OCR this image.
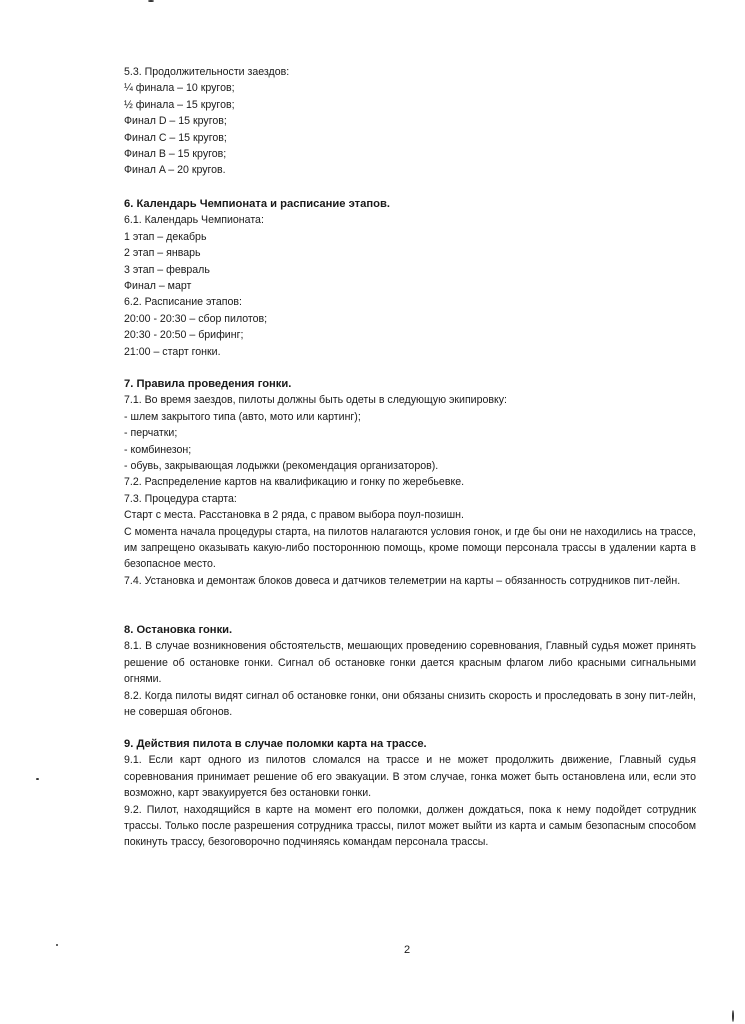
5.3. Продолжительности заездов:
¼ финала – 10 кругов;
½ финала – 15 кругов;
Финал D – 15 кругов;
Финал C – 15 кругов;
Финал B – 15 кругов;
Финал A – 20 кругов.
6. Календарь Чемпионата и расписание этапов.
6.1. Календарь Чемпионата:
1 этап – декабрь
2 этап – январь
3 этап – февраль
Финал – март
6.2. Расписание этапов:
20:00 - 20:30 – сбор пилотов;
20:30 - 20:50 – брифинг;
21:00 – старт гонки.
7. Правила проведения гонки.
7.1. Во время заездов, пилоты должны быть одеты в следующую экипировку:
- шлем закрытого типа (авто, мото или картинг);
- перчатки;
- комбинезон;
- обувь, закрывающая лодыжки (рекомендация организаторов).
7.2. Распределение картов на квалификацию и гонку по жеребьевке.
7.3. Процедура старта:
Старт с места. Расстановка в 2 ряда, с правом выбора поул-позишн.
С момента начала процедуры старта, на пилотов налагаются условия гонок, и где бы они не находились на трассе, им запрещено оказывать какую-либо постороннюю помощь, кроме помощи персонала трассы в удалении карта в безопасное место.
7.4. Установка и демонтаж блоков довеса и датчиков телеметрии на карты – обязанность сотрудников пит-лейн.
8. Остановка гонки.
8.1. В случае возникновения обстоятельств, мешающих проведению соревнования, Главный судья может принять решение об остановке гонки. Сигнал об остановке гонки дается красным флагом либо красными сигнальными огнями.
8.2. Когда пилоты видят сигнал об остановке гонки, они обязаны снизить скорость и проследовать в зону пит-лейн, не совершая обгонов.
9. Действия пилота в случае поломки карта на трассе.
9.1. Если карт одного из пилотов сломался на трассе и не может продолжить движение, Главный судья соревнования принимает решение об его эвакуации. В этом случае, гонка может быть остановлена или, если это возможно, карт эвакуируется без остановки гонки.
9.2. Пилот, находящийся в карте на момент его поломки, должен дождаться, пока к нему подойдет сотрудник трассы. Только после разрешения сотрудника трассы, пилот может выйти из карта и самым безопасным способом покинуть трассу, безоговорочно подчиняясь командам персонала трассы.
2
